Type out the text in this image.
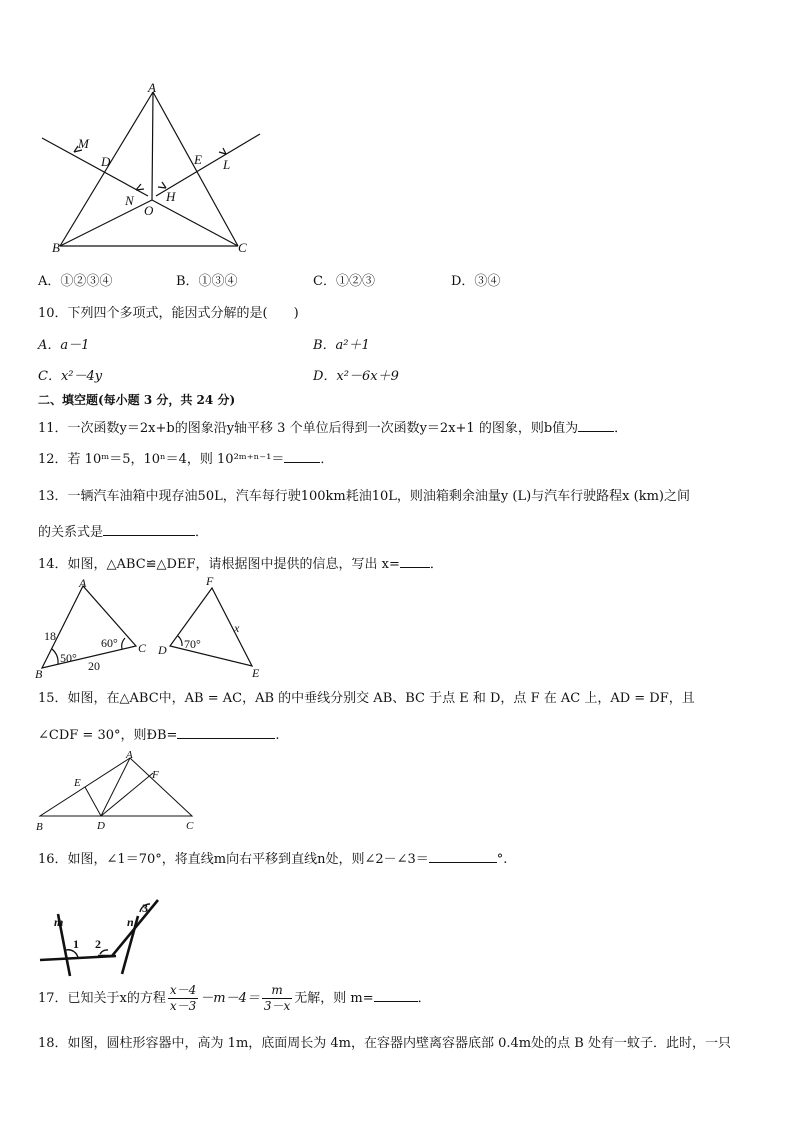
A
M
D	E L
N H
O
B	C
A．①②③④	B．①③④	C．①②③	D．③④
10．下列四个多项式，能因式分解的是(　　)
A．a－1	B．a²＋1
C．x²－4y	D．x²－6x＋9
二、填空题(每小题 3 分，共 24 分)
11．一次函数y＝2x+b的图象沿y轴平移 3 个单位后得到一次函数y＝2x+1 的图象，则b值为	．
12．若 10ᵐ＝5，10ⁿ＝4，则 10²ᵐ⁺ⁿ⁻¹＝	．
13．一辆汽车油箱中现存油50L，汽车每行驶100km耗油10L，则油箱剩余油量y (L)与汽车行驶路程x (km)之间
的关系式是	．
14．如图，△ABC≌△DEF，请根据图中提供的信息，写出 x= ．
A
B
C
18
20
60°
50°
F
D
E
70°
x
15．如图，在△ABC中，AB = AC，AB 的中垂线分别交 AB、BC 于点 E 和 D，点 F 在 AC 上，AD = DF，且
∠CDF = 30°，则ÐB=	.
A
E
F
B	D	C
16．如图，∠1＝70°，将直线m向右平移到直线n处，则∠2－∠3＝	°.
m	n
1 2
3
17．已知关于x的方程 $\frac{x-4}{x-3} -m-4= \frac{m}{3-x}$ 无解，则 m=	．
18．如图，圆柱形容器中，高为 1m，底面周长为 4m，在容器内壁离容器底部 0.4m处的点 B 处有一蚊子．此时，一只
